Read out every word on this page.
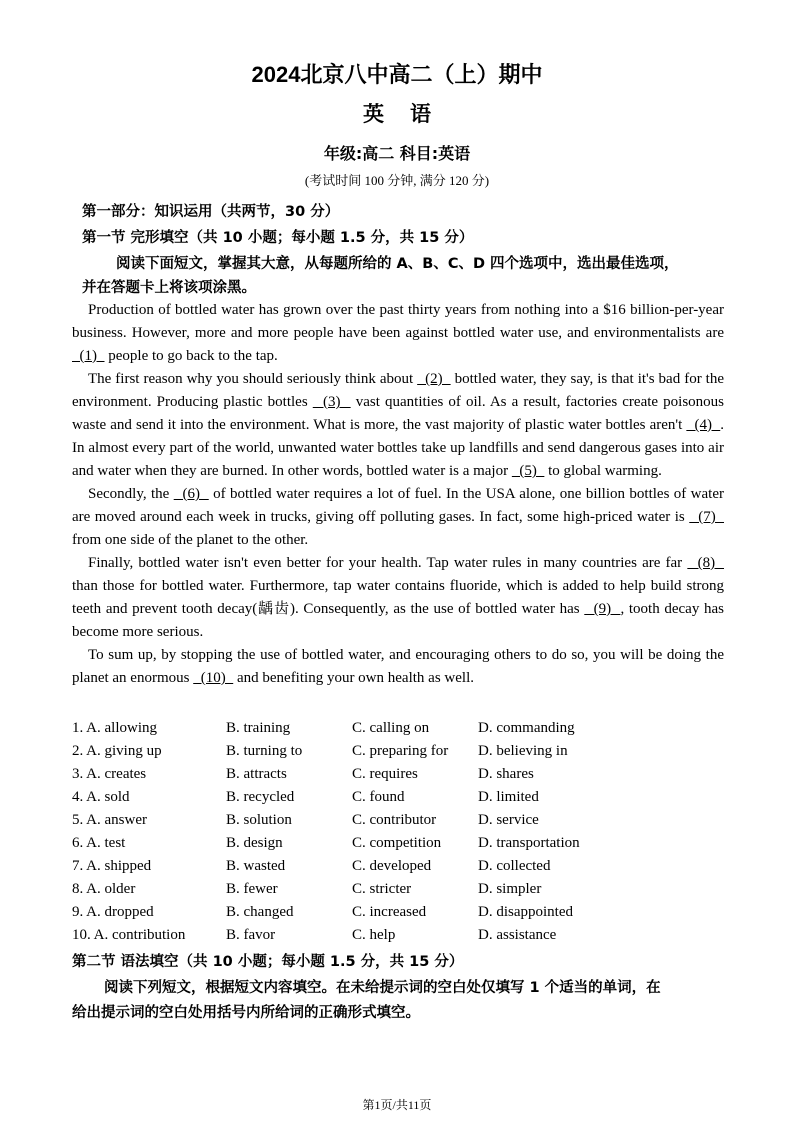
2024北京八中高二（上）期中
英语
年级:高二 科目:英语
(考试时间 100 分钟, 满分 120 分)
第一部分：知识运用（共两节，30 分）
第一节 完形填空（共 10 小题；每小题 1.5 分，共 15 分）
阅读下面短文，掌握其大意，从每题所给的 A、B、C、D 四个选项中，选出最佳选项，
并在答题卡上将该项涂黑。

Production of bottled water has grown over the past thirty years from nothing into a $16 billion-per-year business. However, more and more people have been against bottled water use, and environmentalists are   (1)   people to go back to the tap.

The first reason why you should seriously think about   (2)   bottled water, they say, is that it's bad for the environment. Producing plastic bottles   (3)   vast quantities of oil. As a result, factories create poisonous waste and send it into the environment. What is more, the vast majority of plastic water bottles aren't   (4)  . In almost every part of the world, unwanted water bottles take up landfills and send dangerous gases into air and water when they are burned. In other words, bottled water is a major   (5)   to global warming.

Secondly, the   (6)   of bottled water requires a lot of fuel. In the USA alone, one billion bottles of water are moved around each week in trucks, giving off polluting gases. In fact, some high-priced water is   (7)   from one side of the planet to the other.

Finally, bottled water isn't even better for your health. Tap water rules in many countries are far   (8)   than those for bottled water. Furthermore, tap water contains fluoride, which is added to help build strong teeth and prevent tooth decay(龋齿). Consequently, as the use of bottled water has   (9)  , tooth decay has become more serious.

To sum up, by stopping the use of bottled water, and encouraging others to do so, you will be doing the planet an enormous   (10)   and benefiting your own health as well.

1. A. allowing	B. training	C. calling on	D. commanding
2. A. giving up	B. turning to	C. preparing for D. believing in
3. A. creates	B. attracts	C. requires	D. shares
4. A. sold	B. recycled	C. found	D. limited
5. A. answer	B. solution	C. contributor	D. service
6. A. test	B. design	C. competition D. transportation
7. A. shipped	B. wasted	C. developed	D. collected
8. A. older	B. fewer	C. stricter	D. simpler
9. A. dropped	B. changed	C. increased	D. disappointed
10. A. contribution	B. favor	C. help	D. assistance
第二节 语法填空（共 10 小题；每小题 1.5 分，共 15 分）
阅读下列短文，根据短文内容填空。在未给提示词的空白处仅填写 1 个适当的单词，在
给出提示词的空白处用括号内所给词的正确形式填空。
第1页/共11页
